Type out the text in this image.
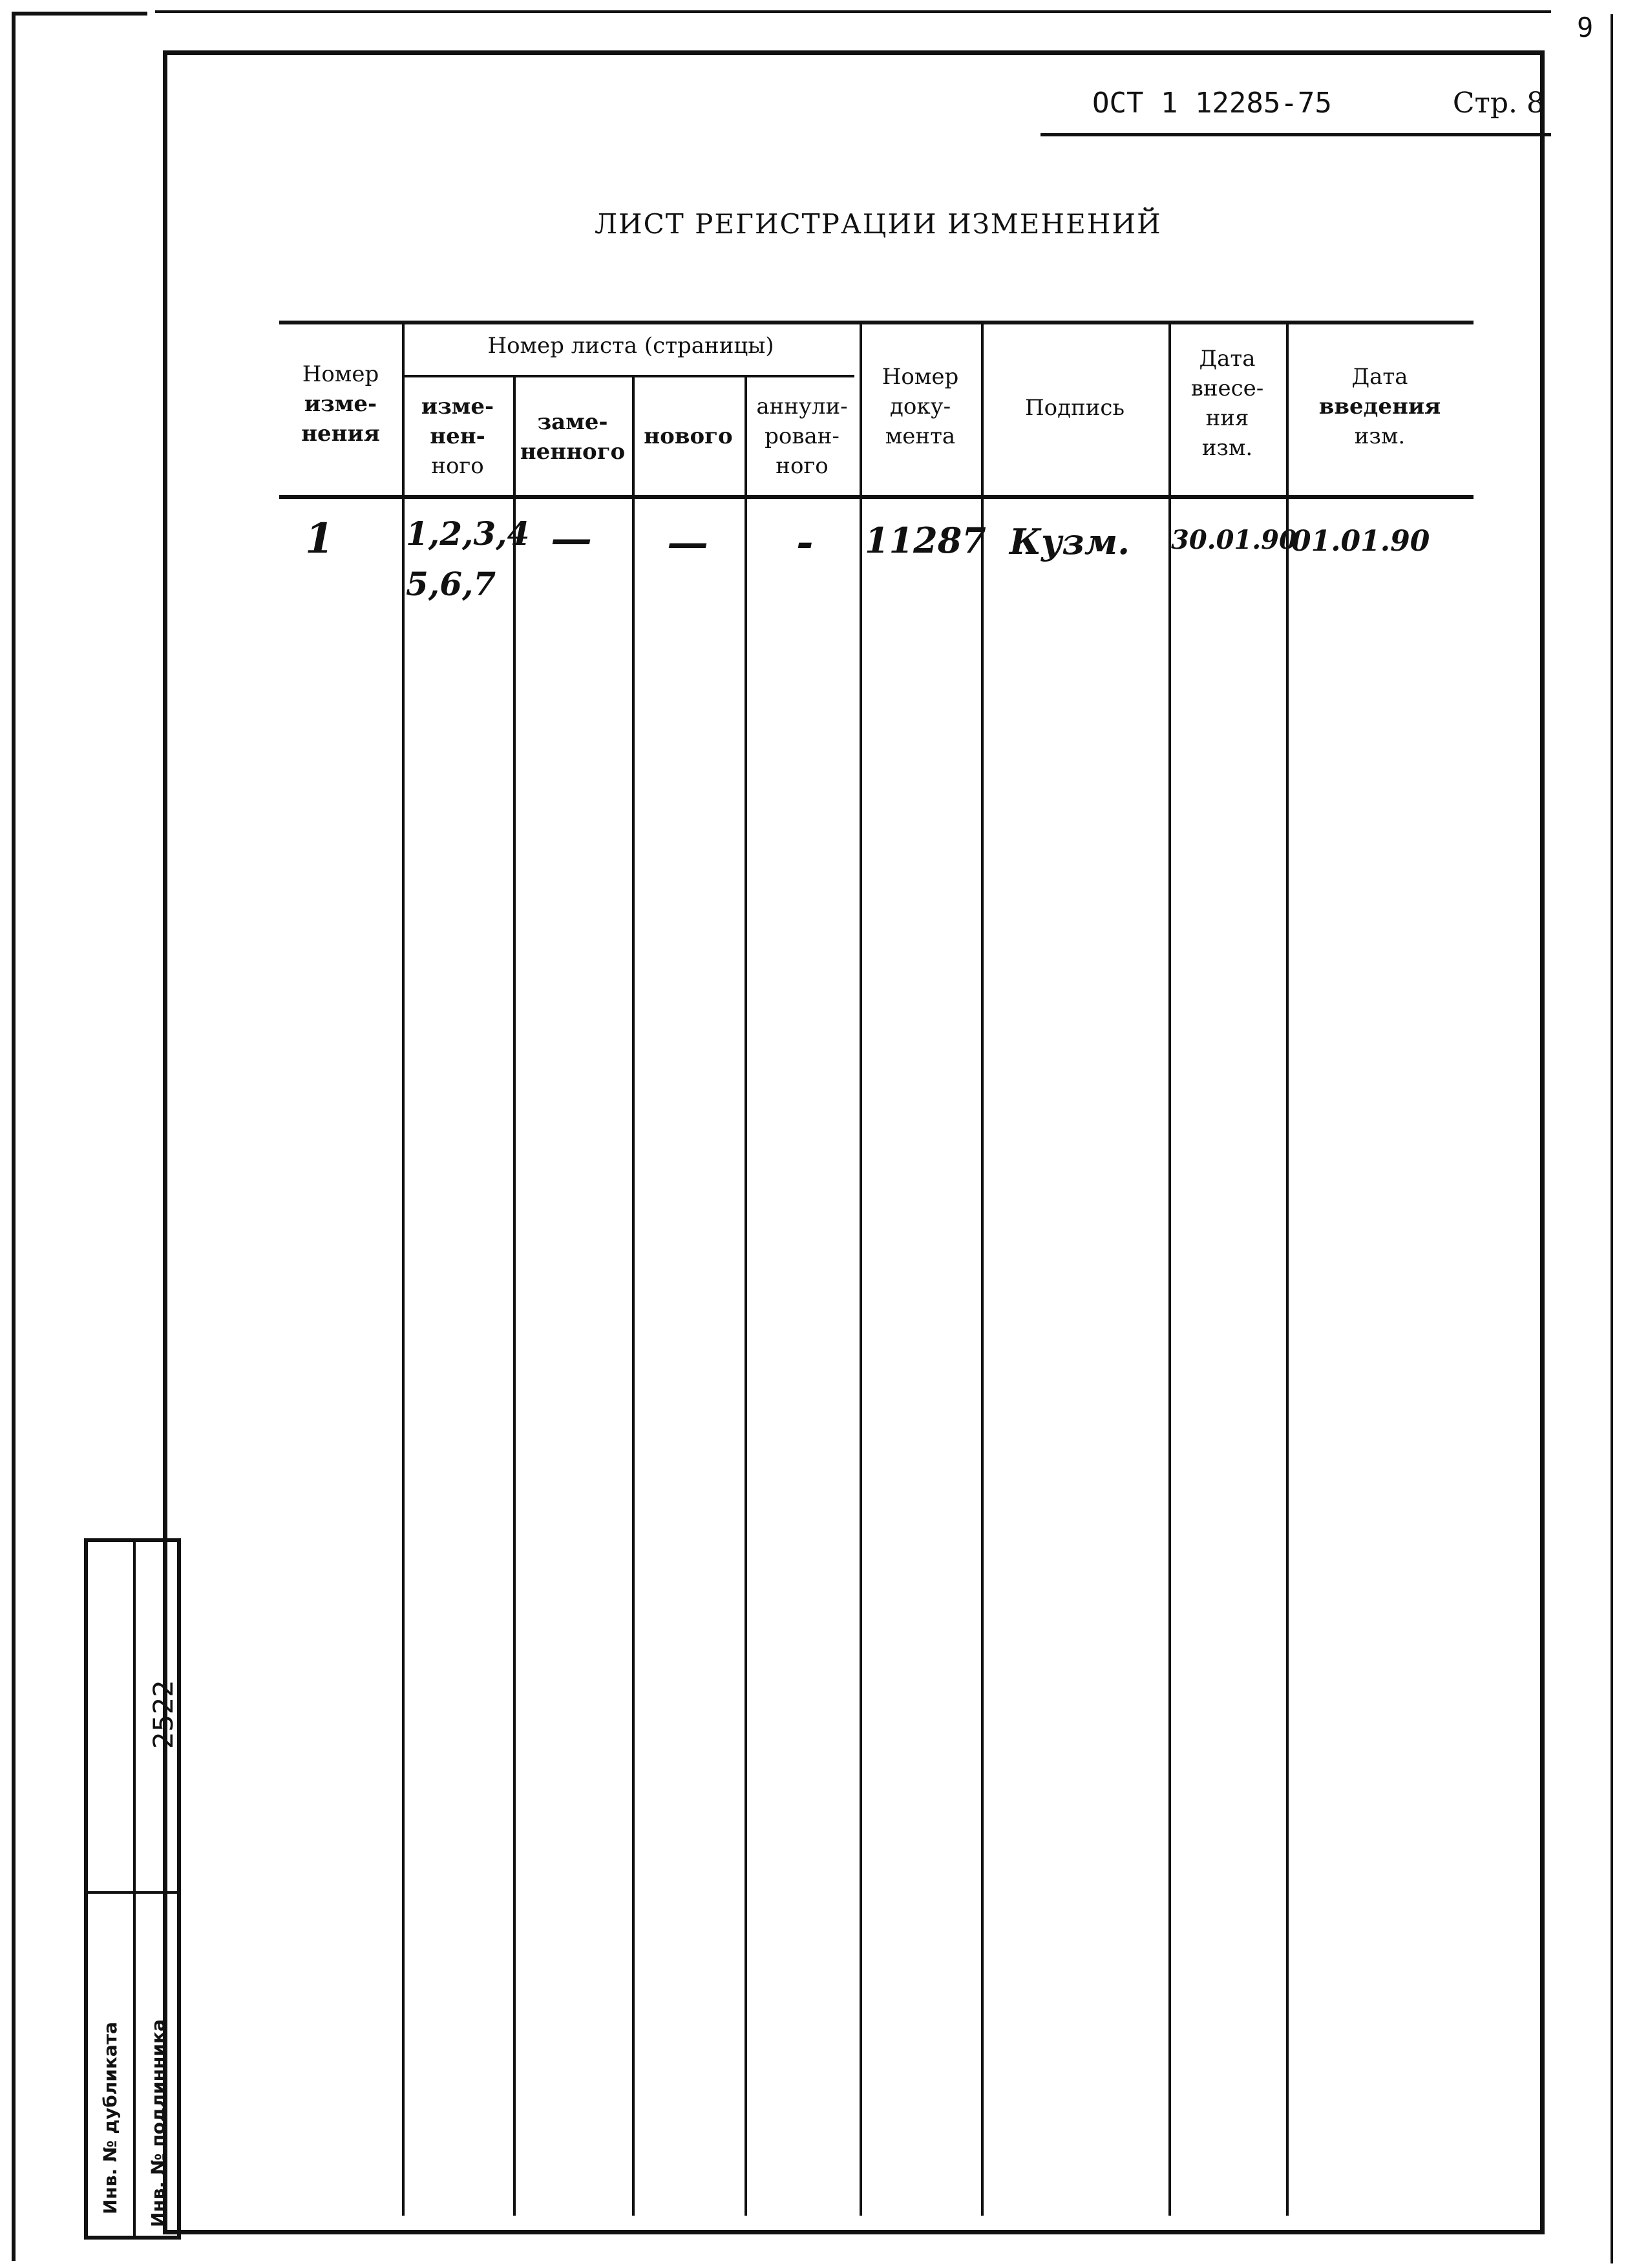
9
ОСТ 1 12285-75	Стр. 8
ЛИСТ РЕГИСТРАЦИИ ИЗМЕНЕНИЙ
Номер
изме-
нения
Номер листа (страницы)
изме-
нен-
ного
заме-
ненного
нового
аннули-
рован-
ного
Номер
доку-
мента
Подпись
Дата
внесе-
ния
изм.
Дата
введения
изм.
1 1,2,3,4
5,6,7
— — - 11287 Кузм. 30.01.90
01.01.90
Инв. № дубликата Инв. № подлинника
2522
